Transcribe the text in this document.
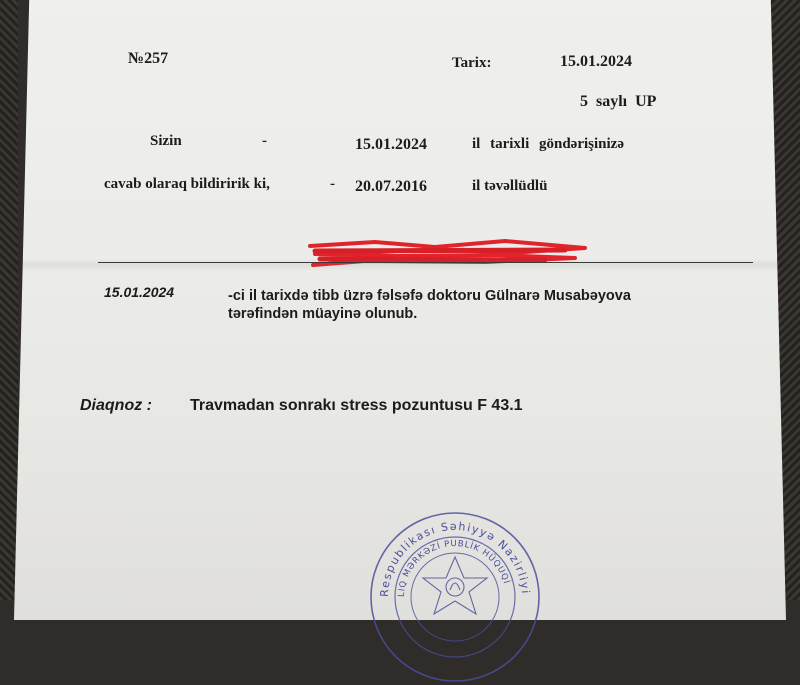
№257	Tarix:	15.01.2024
5 saylı UP
Sizin	-	15.01.2024	il tarixli göndərişinizə
cavab olaraq bildiririk ki,	- 20.07.2016	il təvəllüdlü
15.01.2024	-ci il tarixdə tibb üzrə fəlsəfə doktoru Gülnarə Musabəyova
tərəfindən müayinə olunub.
Diaqnoz : Travmadan sonrakı stress pozuntusu F 43.1
Respublikası Səhiyyə Nazirliyi
LIQ MƏRKƏZİ PUBLİK HÜQUQİ
